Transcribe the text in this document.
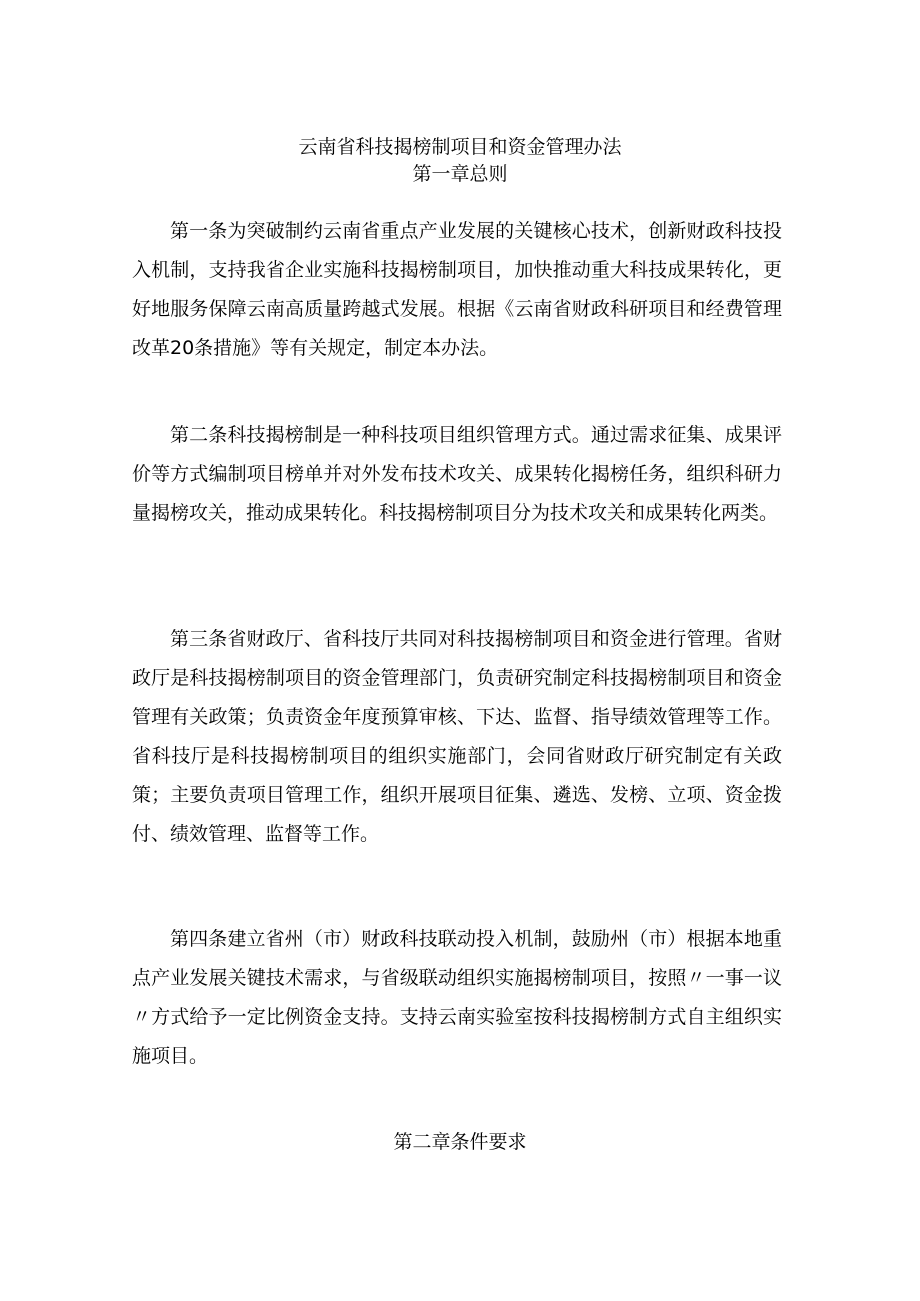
云南省科技揭榜制项目和资金管理办法
第一章总则

第一条为突破制约云南省重点产业发展的关键核心技术，创新财政科技投入机制，支持我省企业实施科技揭榜制项目，加快推动重大科技成果转化，更好地服务保障云南高质量跨越式发展。根据《云南省财政科研项目和经费管理改革20条措施》等有关规定，制定本办法。

第二条科技揭榜制是一种科技项目组织管理方式。通过需求征集、成果评价等方式编制项目榜单并对外发布技术攻关、成果转化揭榜任务，组织科研力量揭榜攻关，推动成果转化。科技揭榜制项目分为技术攻关和成果转化两类。

第三条省财政厅、省科技厅共同对科技揭榜制项目和资金进行管理。省财政厅是科技揭榜制项目的资金管理部门，负责研究制定科技揭榜制项目和资金管理有关政策；负责资金年度预算审核、下达、监督、指导绩效管理等工作。省科技厅是科技揭榜制项目的组织实施部门，会同省财政厅研究制定有关政策；主要负责项目管理工作，组织开展项目征集、遴选、发榜、立项、资金拨付、绩效管理、监督等工作。

第四条建立省州（市）财政科技联动投入机制，鼓励州（市）根据本地重点产业发展关键技术需求，与省级联动组织实施揭榜制项目，按照〃一事一议〃方式给予一定比例资金支持。支持云南实验室按科技揭榜制方式自主组织实施项目。

第二章条件要求
